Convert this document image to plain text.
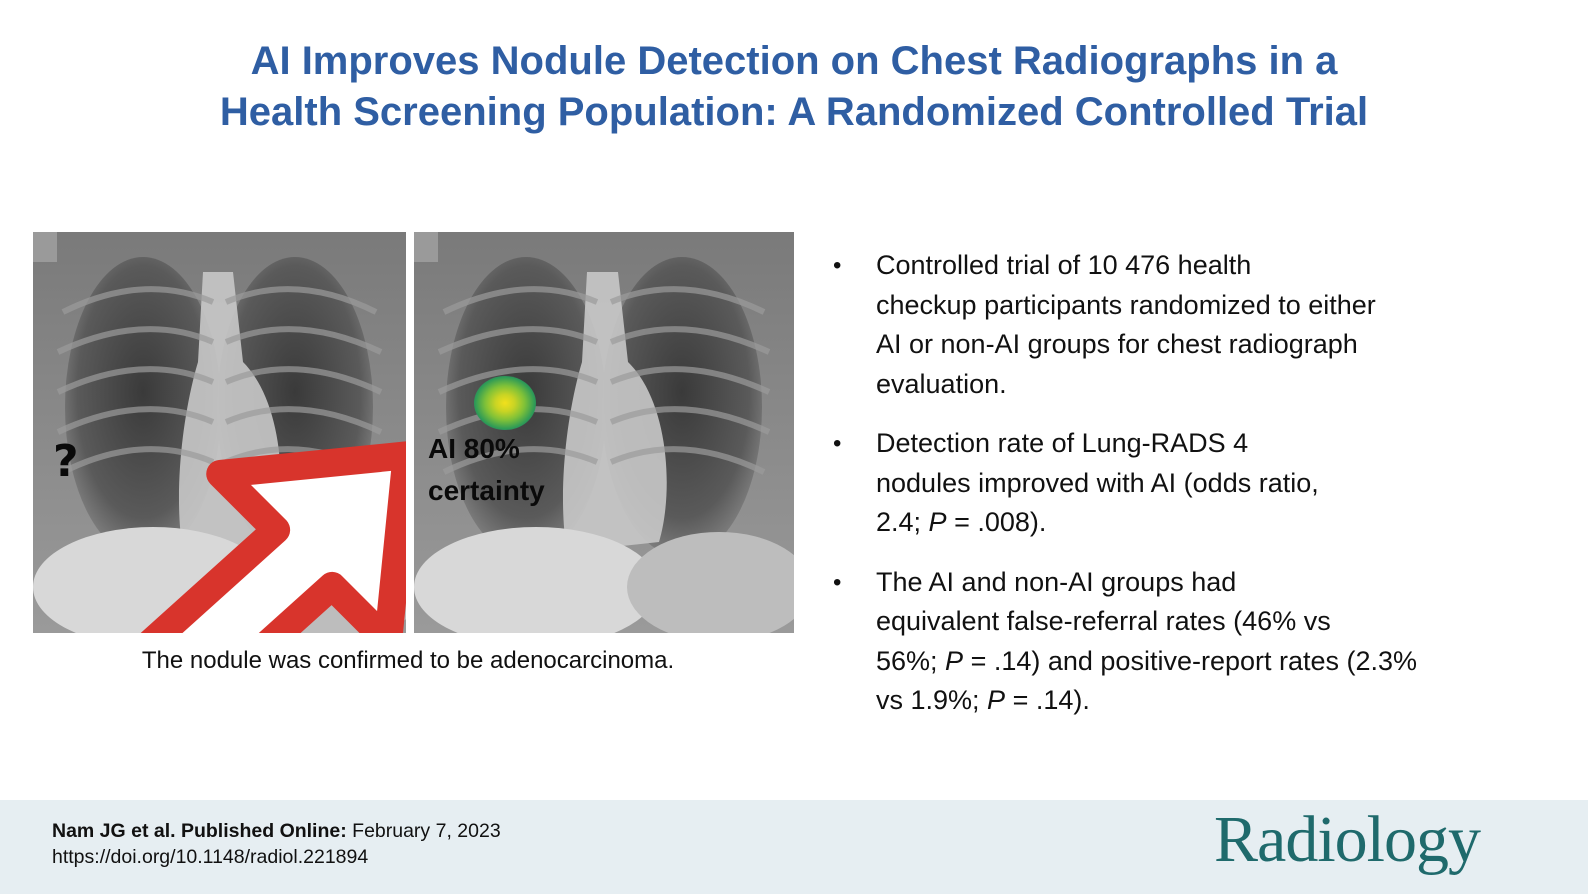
AI Improves Nodule Detection on Chest Radiographs in a
Health Screening Population: A Randomized Controlled Trial
?	AI 80%
certainty
The nodule was confirmed to be adenocarcinoma.
• Controlled trial of 10 476 health
checkup participants randomized to either
AI or non-AI groups for chest radiograph
evaluation.
• Detection rate of Lung-RADS 4
nodules improved with AI (odds ratio,
2.4; P = .008).
• The AI and non-AI groups had
equivalent false-referral rates (46% vs
56%; P = .14) and positive-report rates (2.3%
vs 1.9%; P = .14).
Nam JG et al. Published Online: February 7, 2023
https://doi.org/10.1148/radiol.221894	Radiology
